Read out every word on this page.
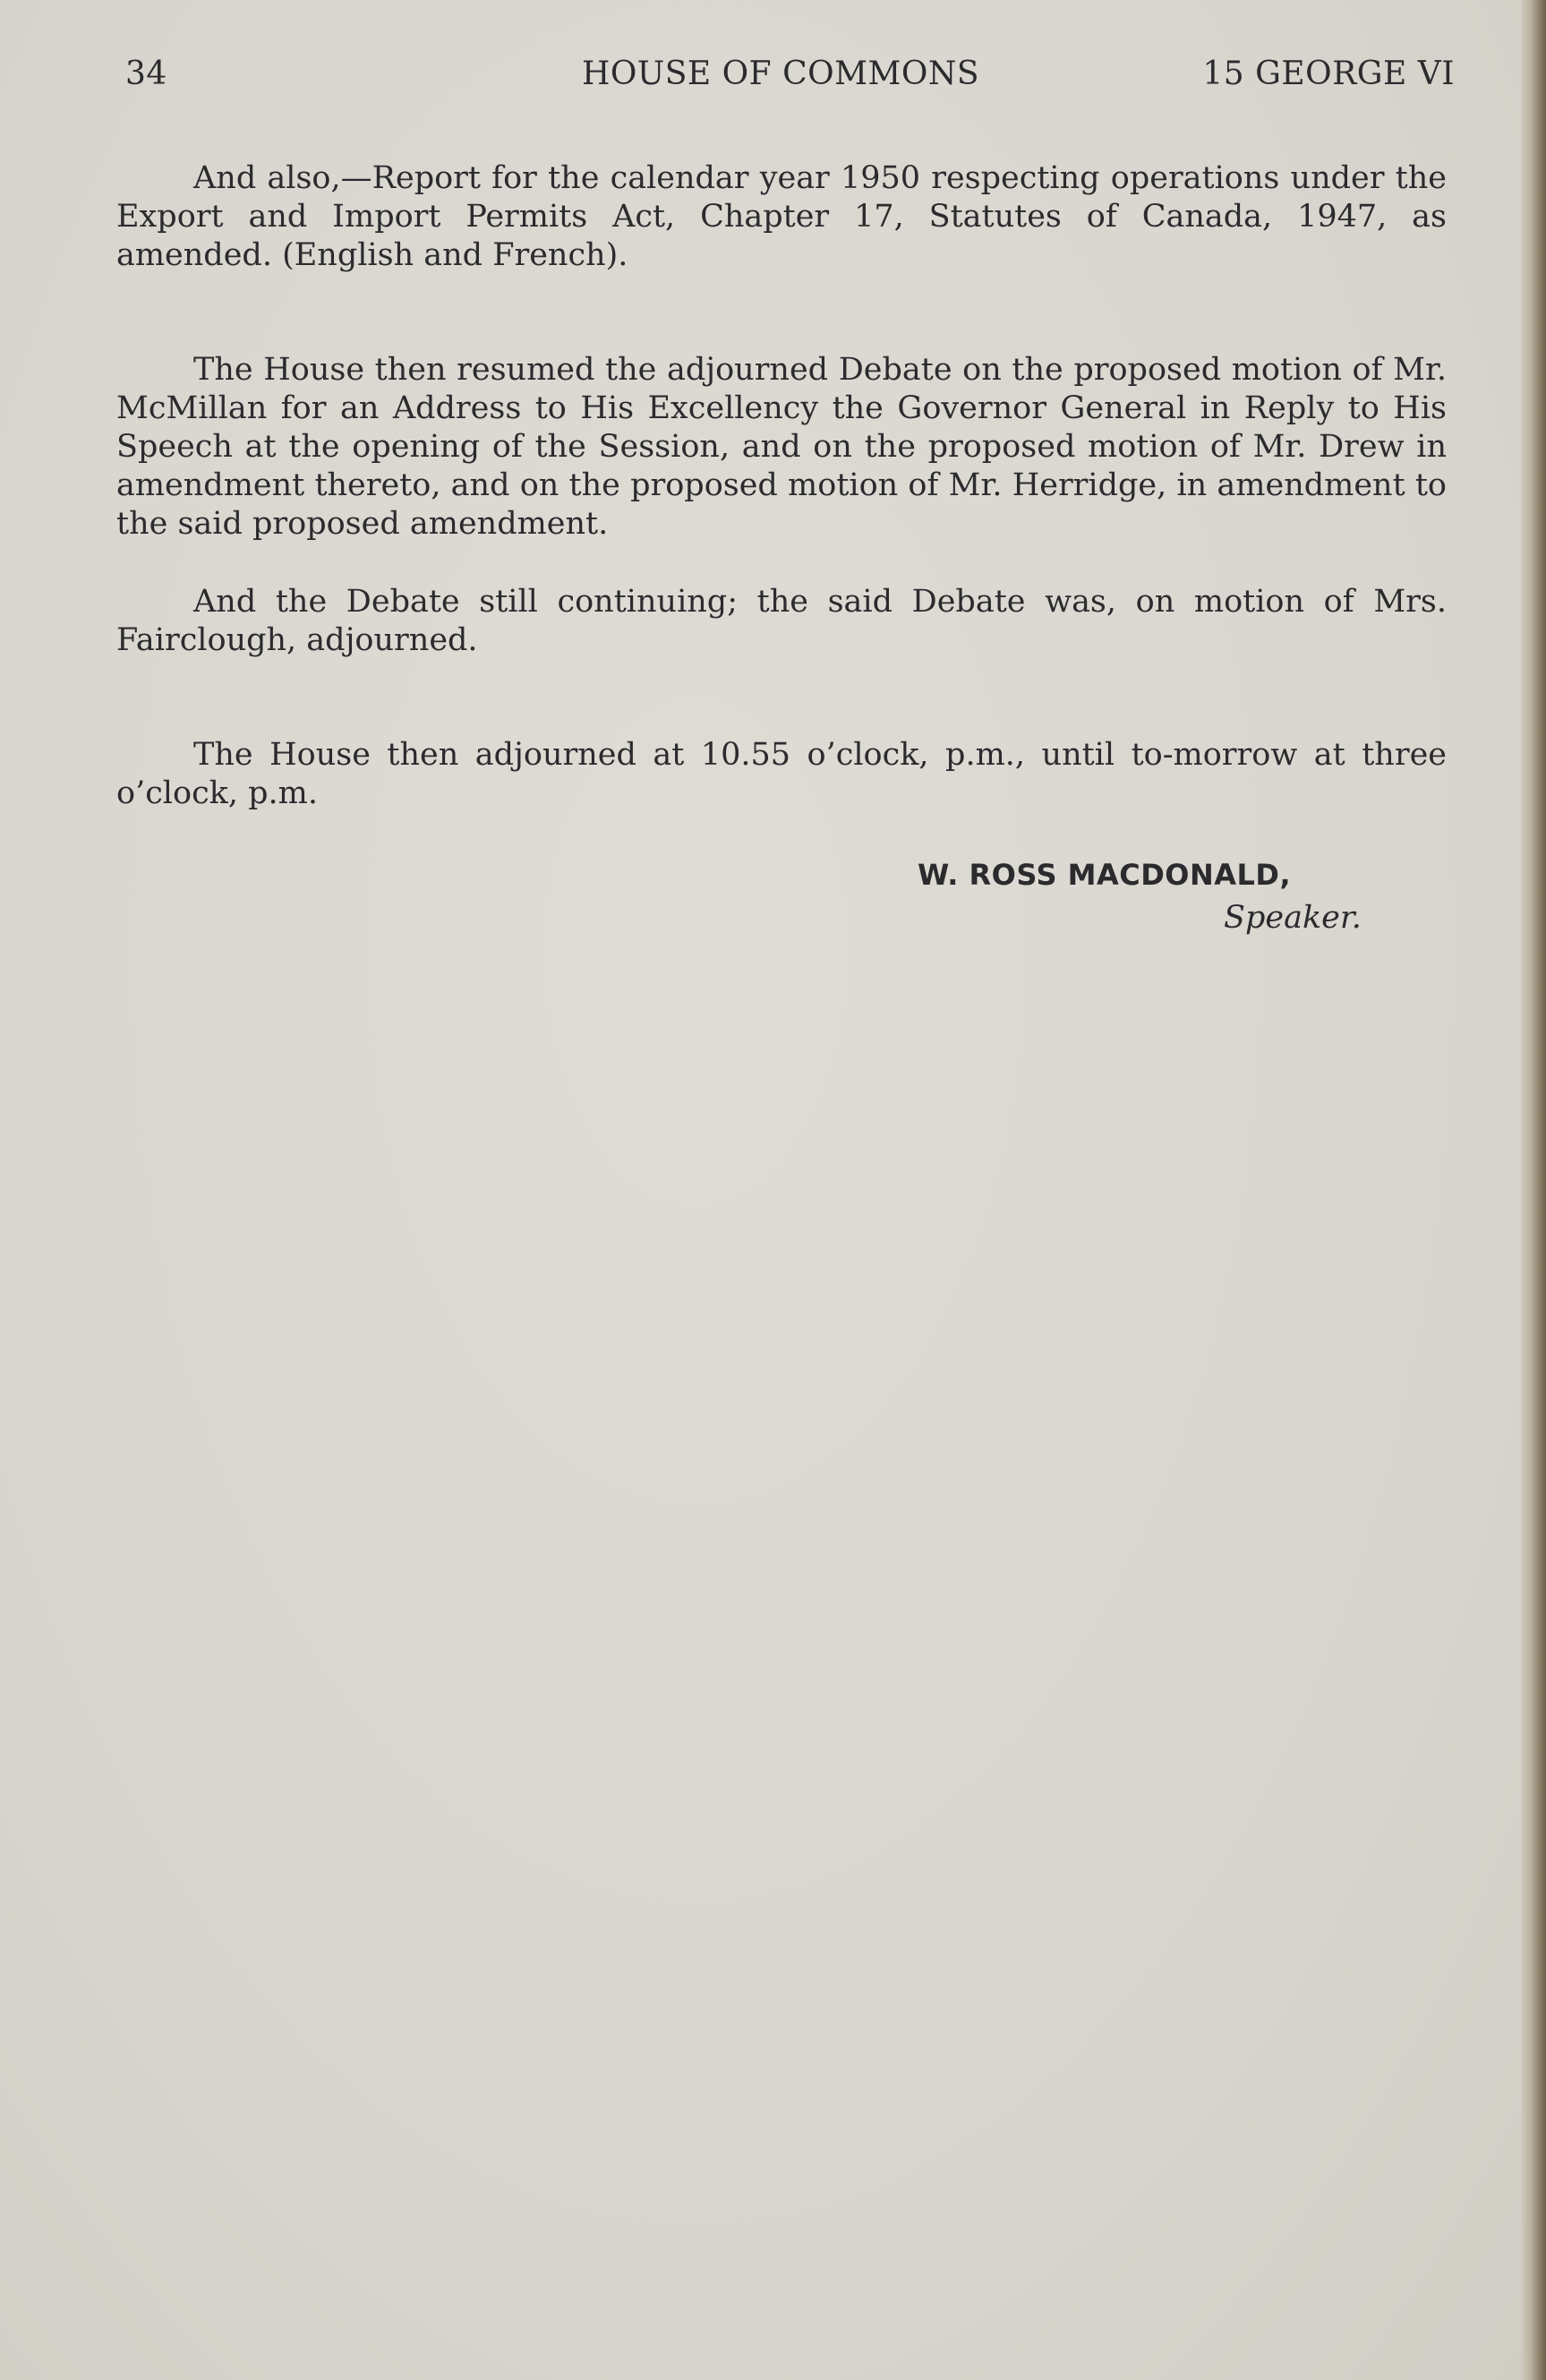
34	HOUSE OF COMMONS	15 GEORGE VI

And also,—Report for the calendar year 1950 respecting operations under the Export and Import Permits Act, Chapter 17, Statutes of Canada, 1947, as amended. (English and French).

The House then resumed the adjourned Debate on the proposed motion of Mr. McMillan for an Address to His Excellency the Governor General in Reply to His Speech at the opening of the Session, and on the proposed motion of Mr. Drew in amendment thereto, and on the proposed motion of Mr. Herridge, in amendment to the said proposed amendment.

And the Debate still continuing; the said Debate was, on motion of Mrs. Fairclough, adjourned.

The House then adjourned at 10.55 o’clock, p.m., until to-morrow at three o’clock, p.m.

W. ROSS MACDONALD,
Speaker.
